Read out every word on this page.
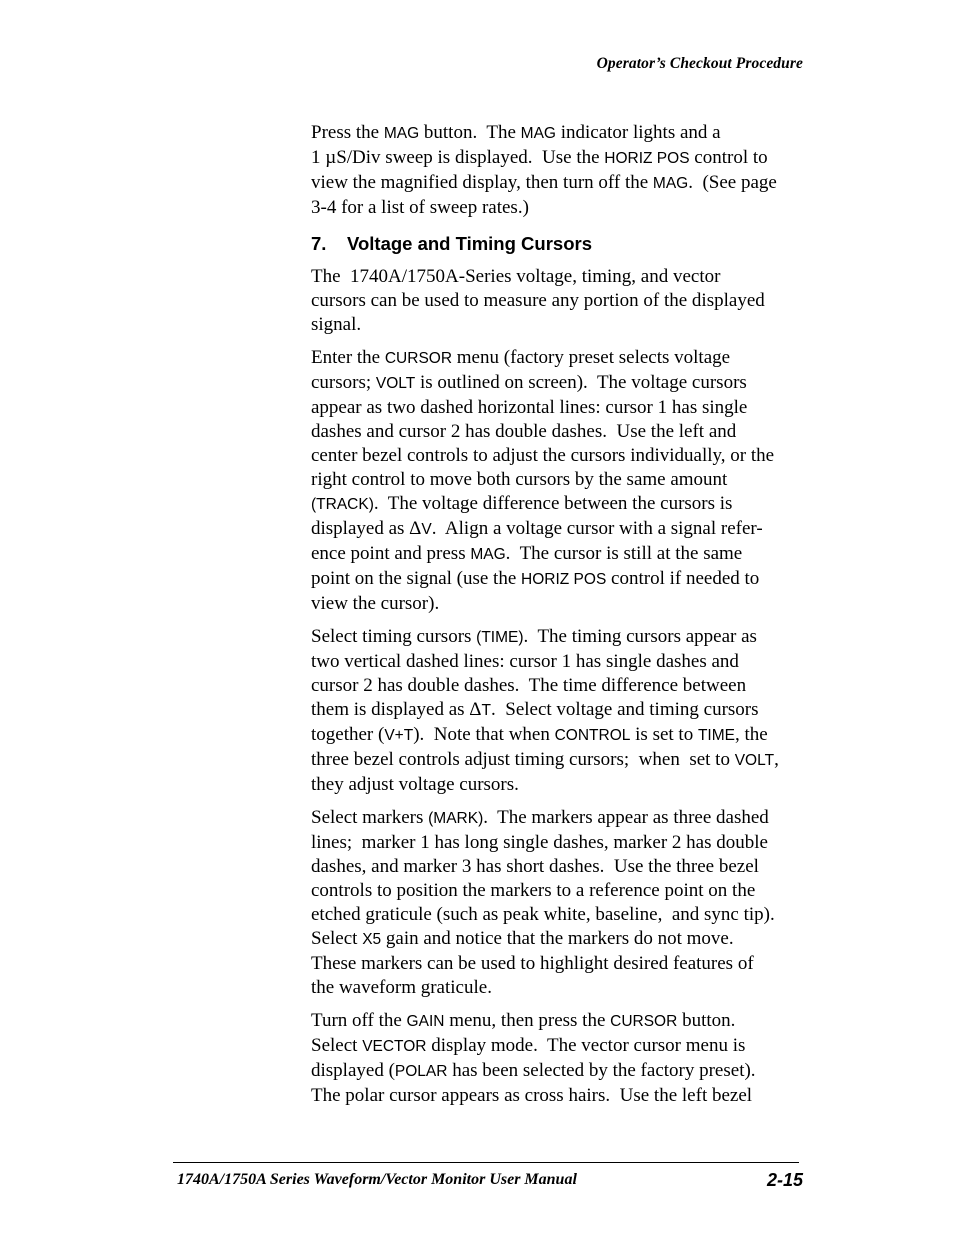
Operator’s Checkout Procedure

Press the MAG button.  The MAG indicator lights and a
1 µS/Div sweep is displayed.  Use the HORIZ POS control to
view the magnified display, then turn off the MAG.  (See page
3-4 for a list of sweep rates.)

7. Voltage and Timing Cursors

The  1740A/1750A-Series voltage, timing, and vector
cursors can be used to measure any portion of the displayed
signal.

Enter the CURSOR menu (factory preset selects voltage
cursors; VOLT is outlined on screen).  The voltage cursors
appear as two dashed horizontal lines: cursor 1 has single
dashes and cursor 2 has double dashes.  Use the left and
center bezel controls to adjust the cursors individually, or the
right control to move both cursors by the same amount
(TRACK).  The voltage difference between the cursors is
displayed as ΔV.  Align a voltage cursor with a signal refer-
ence point and press MAG.  The cursor is still at the same
point on the signal (use the HORIZ POS control if needed to
view the cursor).

Select timing cursors (TIME).  The timing cursors appear as
two vertical dashed lines: cursor 1 has single dashes and
cursor 2 has double dashes.  The time difference between
them is displayed as ΔT.  Select voltage and timing cursors
together (V+T).  Note that when CONTROL is set to TIME, the
three bezel controls adjust timing cursors;  when  set to VOLT,
they adjust voltage cursors.

Select markers (MARK).  The markers appear as three dashed
lines;  marker 1 has long single dashes, marker 2 has double
dashes, and marker 3 has short dashes.  Use the three bezel
controls to position the markers to a reference point on the
etched graticule (such as peak white, baseline,  and sync tip).
Select X5 gain and notice that the markers do not move.
These markers can be used to highlight desired features of
the waveform graticule.

Turn off the GAIN menu, then press the CURSOR button.
Select VECTOR display mode.  The vector cursor menu is
displayed (POLAR has been selected by the factory preset).
The polar cursor appears as cross hairs.  Use the left bezel

1740A/1750A Series Waveform/Vector Monitor User Manual	2-15
